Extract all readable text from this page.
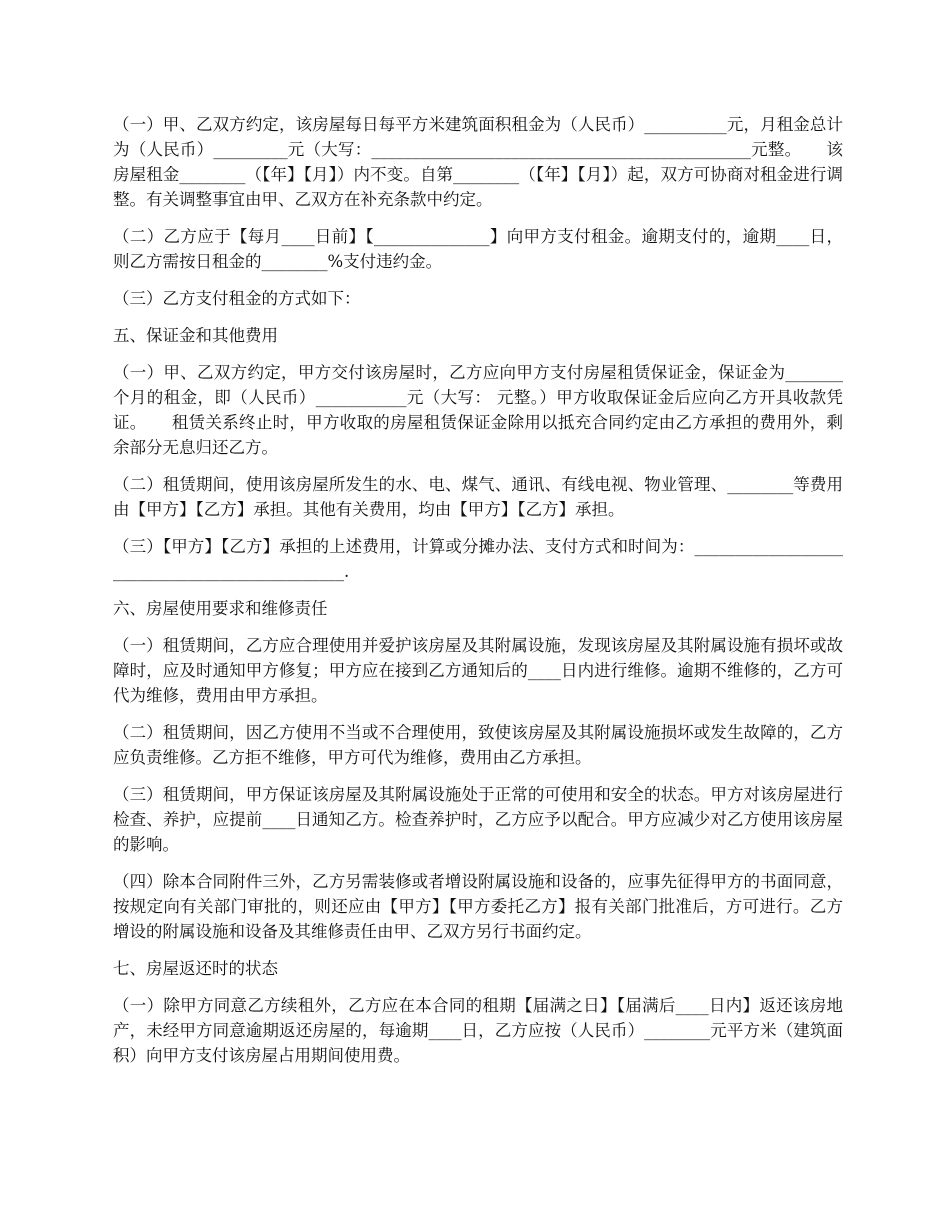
（一）甲、乙双方约定，该房屋每日每平方米建筑面积租金为（人民币）__________元，月租金总计为（人民币）_________元（大写：______________________________________________元整。　　该房屋租金________（【年】【月】）内不变。自第________（【年】【月】）起，双方可协商对租金进行调整。有关调整事宜由甲、乙双方在补充条款中约定。

（二）乙方应于【每月____日前】【______________】向甲方支付租金。逾期支付的，逾期____日，则乙方需按日租金的________%支付违约金。

（三）乙方支付租金的方式如下：

五、保证金和其他费用

（一）甲、乙双方约定，甲方交付该房屋时，乙方应向甲方支付房屋租赁保证金，保证金为_______个月的租金，即（人民币）___________元（大写： 元整。）甲方收取保证金后应向乙方开具收款凭证。　　租赁关系终止时，甲方收取的房屋租赁保证金除用以抵充合同约定由乙方承担的费用外，剩余部分无息归还乙方。

（二）租赁期间，使用该房屋所发生的水、电、煤气、通讯、有线电视、物业管理、________等费用由【甲方】【乙方】承担。其他有关费用，均由【甲方】【乙方】承担。

（三）【甲方】【乙方】承担的上述费用，计算或分摊办法、支付方式和时间为：______________________________________________.

六、房屋使用要求和维修责任

（一）租赁期间，乙方应合理使用并爱护该房屋及其附属设施，发现该房屋及其附属设施有损坏或故障时，应及时通知甲方修复；甲方应在接到乙方通知后的____日内进行维修。逾期不维修的，乙方可代为维修，费用由甲方承担。

（二）租赁期间，因乙方使用不当或不合理使用，致使该房屋及其附属设施损坏或发生故障的，乙方应负责维修。乙方拒不维修，甲方可代为维修，费用由乙方承担。

（三）租赁期间，甲方保证该房屋及其附属设施处于正常的可使用和安全的状态。甲方对该房屋进行检查、养护，应提前____日通知乙方。检查养护时，乙方应予以配合。甲方应减少对乙方使用该房屋的影响。

（四）除本合同附件三外，乙方另需装修或者增设附属设施和设备的，应事先征得甲方的书面同意，按规定向有关部门审批的，则还应由【甲方】【甲方委托乙方】报有关部门批准后，方可进行。乙方增设的附属设施和设备及其维修责任由甲、乙双方另行书面约定。

七、房屋返还时的状态

（一）除甲方同意乙方续租外，乙方应在本合同的租期【届满之日】【届满后____日内】返还该房地产，未经甲方同意逾期返还房屋的，每逾期____日，乙方应按（人民币）________元平方米（建筑面积）向甲方支付该房屋占用期间使用费。
